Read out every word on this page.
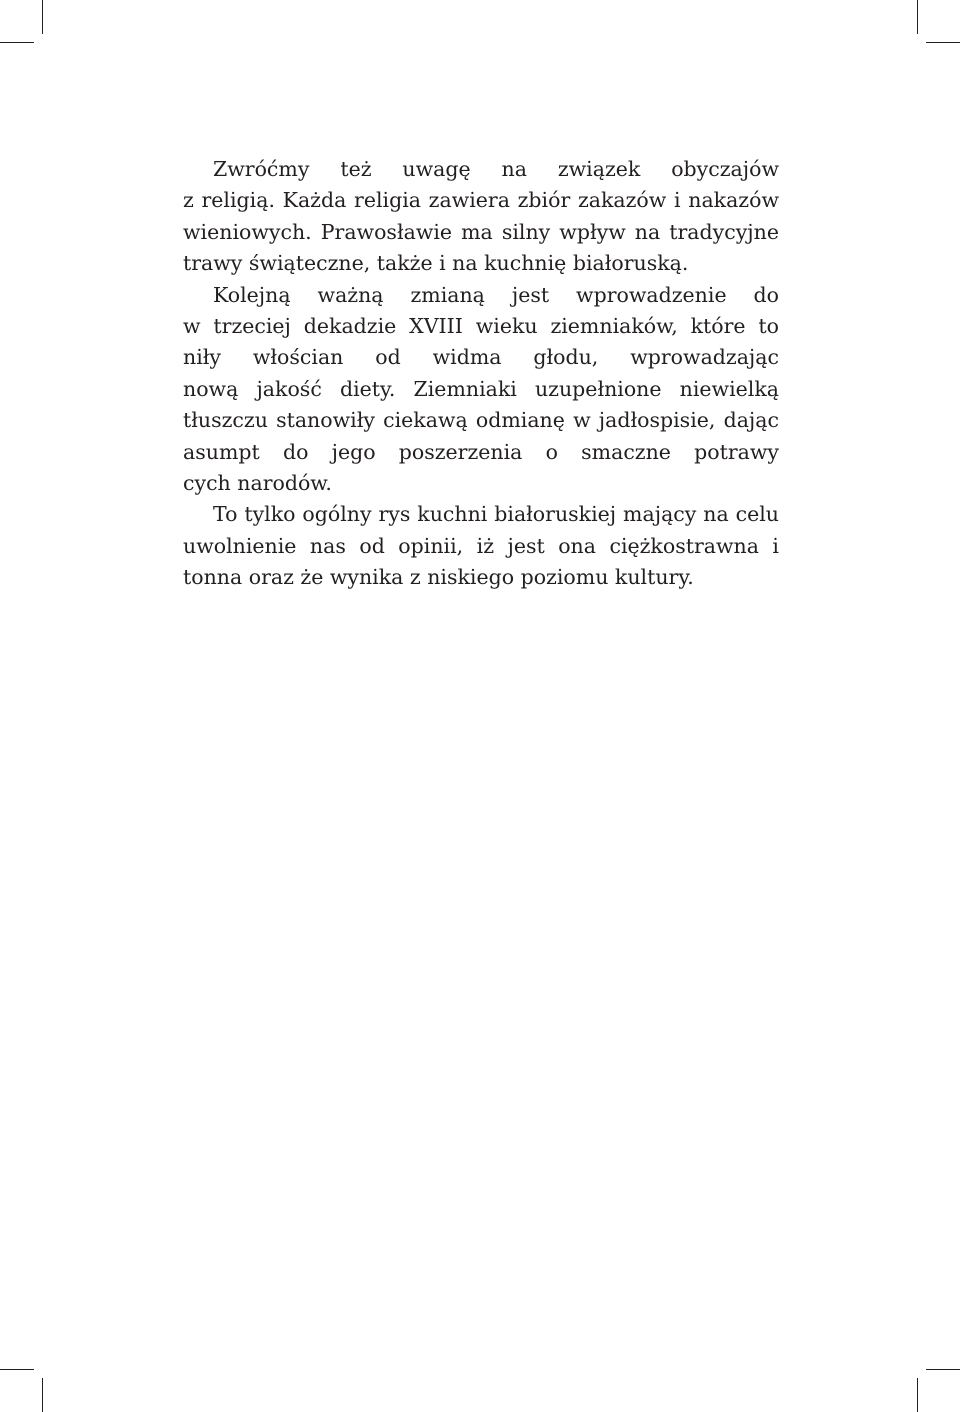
Zwróćmy też uwagę na związek obyczajów
z religią. Każda religia zawiera zbiór zakazów i nakazów
wieniowych. Prawosławie ma silny wpływ na tradycyjne
trawy świąteczne, także i na kuchnię białoruską.
Kolejną ważną zmianą jest wprowadzenie do
w trzeciej dekadzie XVIII wieku ziemniaków, które to
niły włościan od widma głodu, wprowadzając
nową jakość diety. Ziemniaki uzupełnione niewielką
tłuszczu stanowiły ciekawą odmianę w jadłospisie, dając
asumpt do jego poszerzenia o smaczne potrawy
cych narodów.
To tylko ogólny rys kuchni białoruskiej mający na celu
uwolnienie nas od opinii, iż jest ona ciężkostrawna i
tonna oraz że wynika z niskiego poziomu kultury.
